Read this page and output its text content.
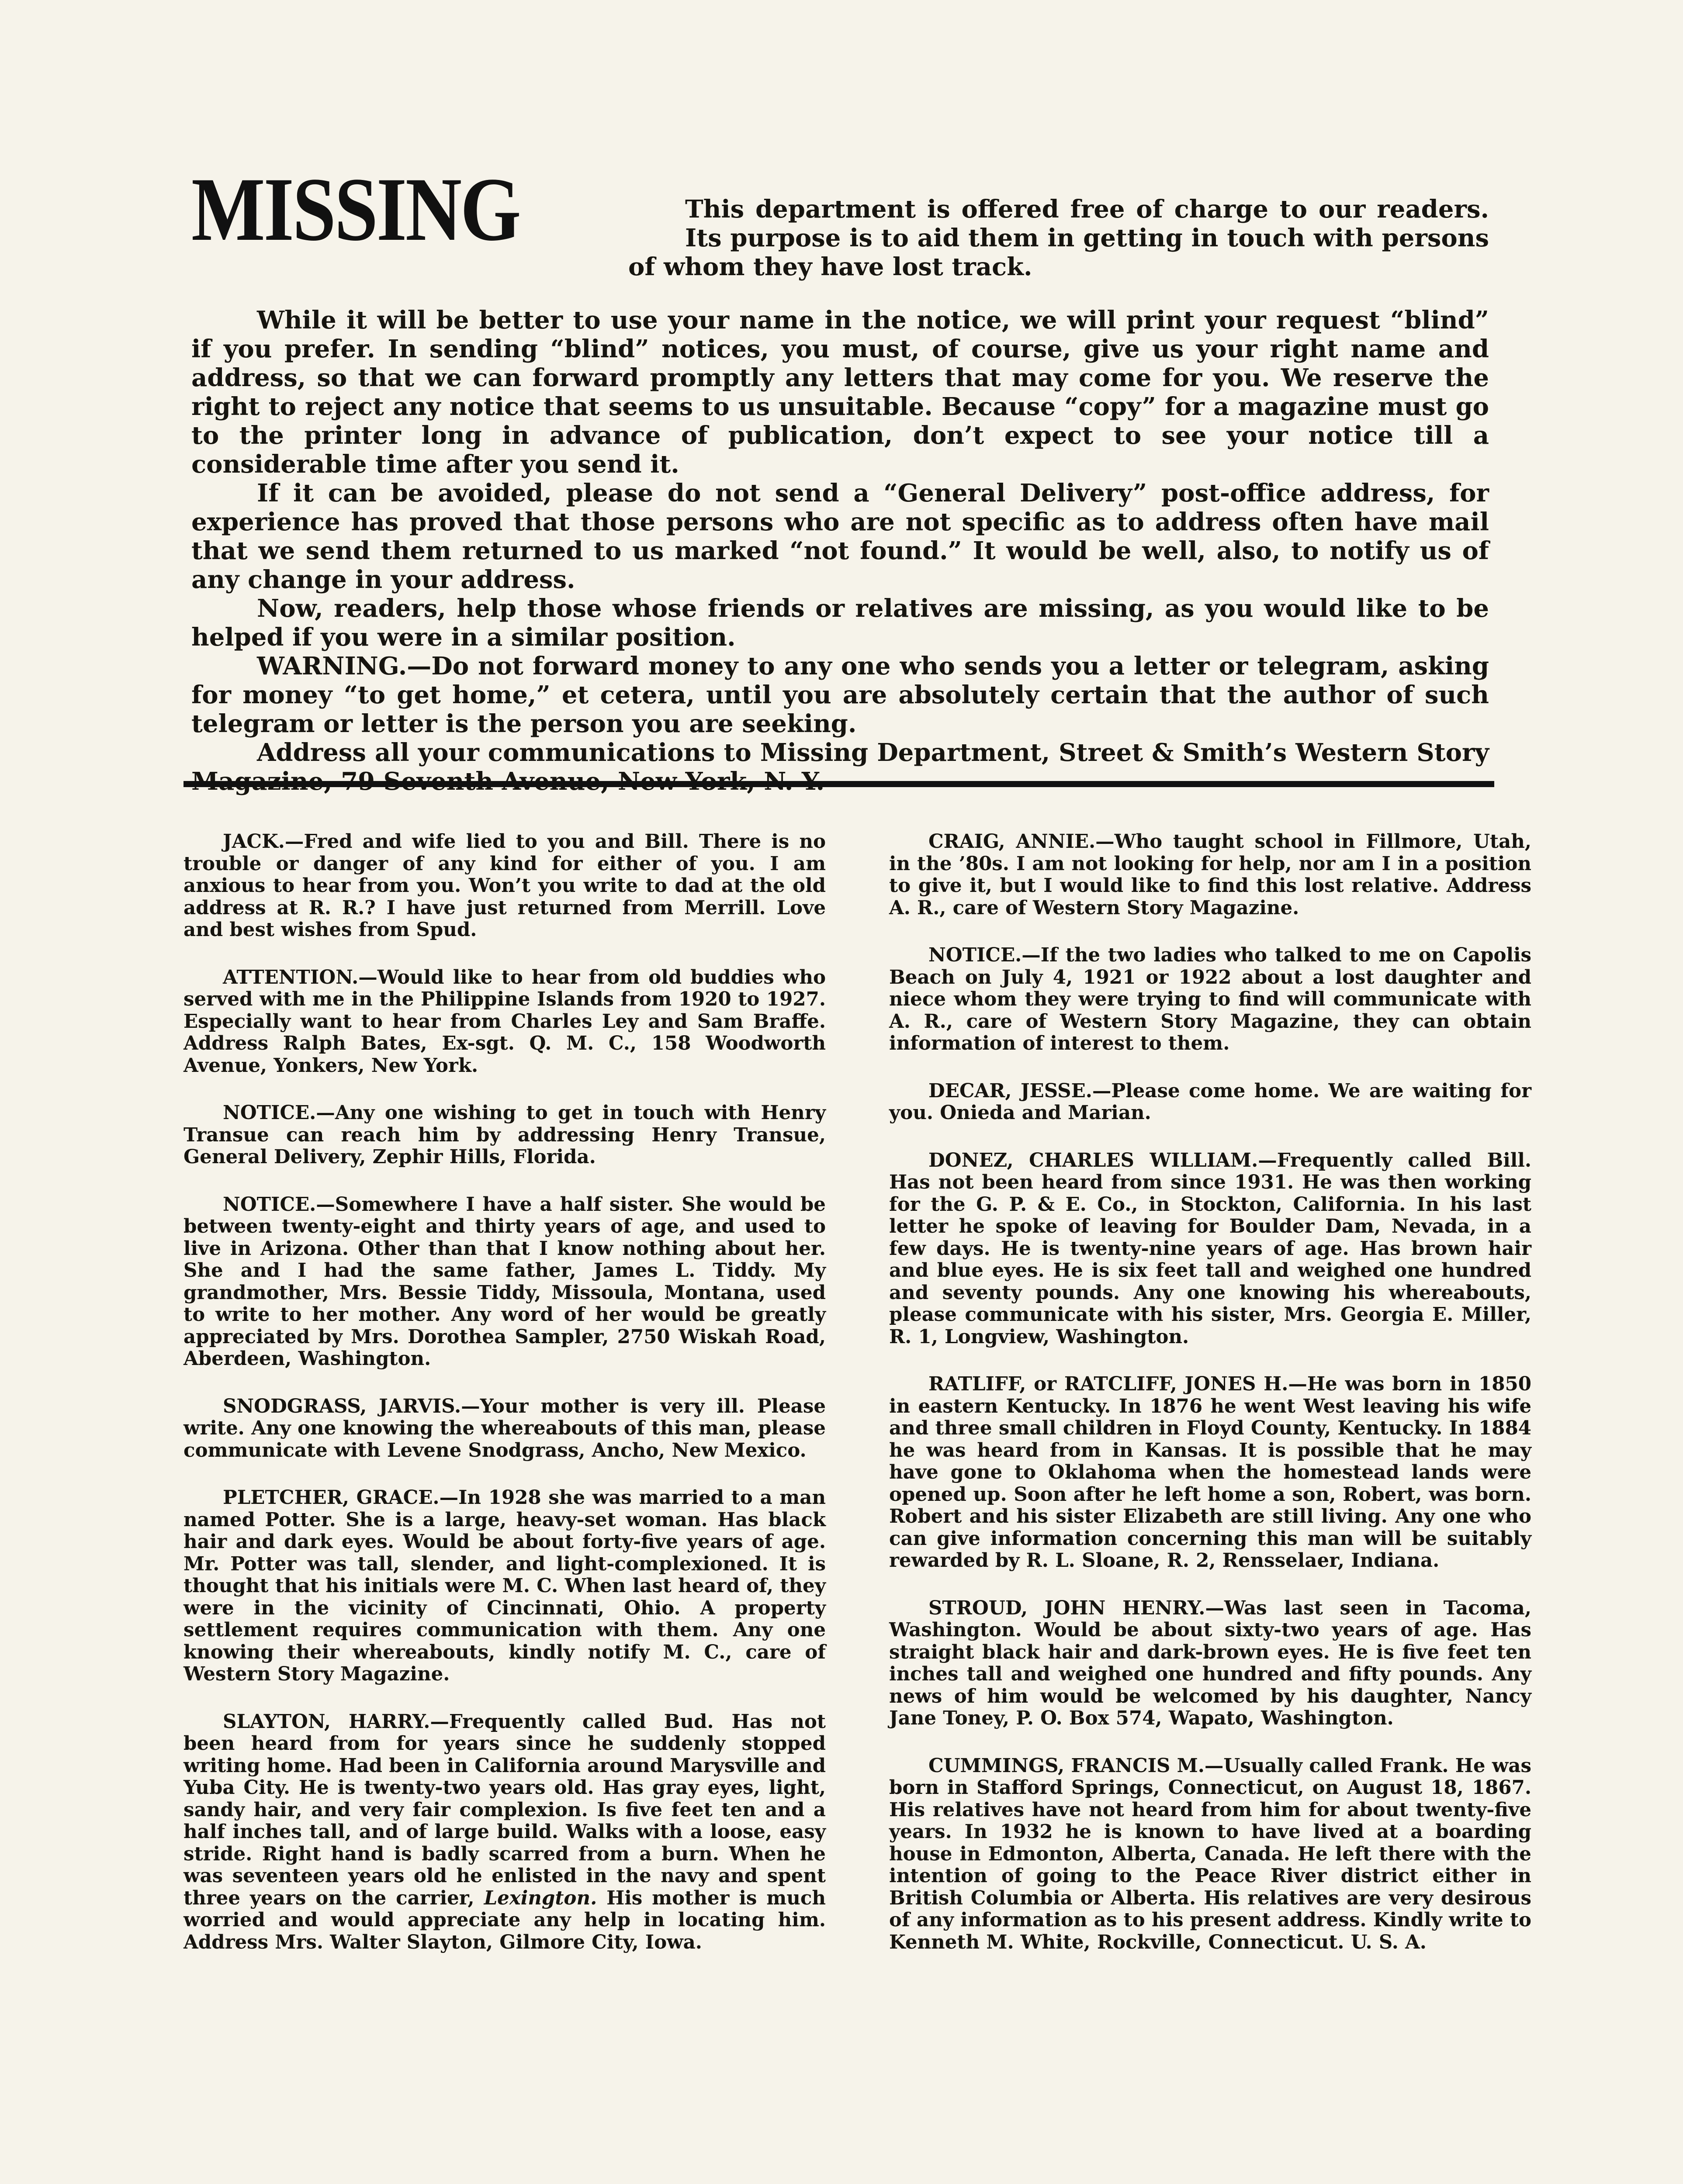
MISSING	This department is offered free of charge to our readers. Its purpose is to aid them in getting in touch with persons of whom they have lost track.

While it will be better to use your name in the notice, we will print your request “blind” if you prefer. In sending “blind” notices, you must, of course, give us your right name and address, so that we can forward promptly any letters that may come for you. We reserve the right to reject any notice that seems to us unsuitable. Because “copy” for a magazine must go to the printer long in advance of publication, don’t expect to see your notice till a considerable time after you send it.

If it can be avoided, please do not send a “General Delivery” post-office address, for experience has proved that those persons who are not specific as to address often have mail that we send them returned to us marked “not found.” It would be well, also, to notify us of any change in your address.

Now, readers, help those whose friends or relatives are missing, as you would like to be helped if you were in a similar position.

WARNING.—Do not forward money to any one who sends you a letter or telegram, asking for money “to get home,” et cetera, until you are absolutely certain that the author of such telegram or letter is the person you are seeking.

Address all your communications to Missing Department, Street & Smith’s Western Story

JACK.—Fred and wife lied to you and Bill. There is no trouble or danger of any kind for either of you. I am anxious to hear from you. Won’t you write to dad at the old address at R. R.? I have just returned from Merrill. Love and best wishes from Spud.

ATTENTION.—Would like to hear from old buddies who served with me in the Philippine Islands from 1920 to 1927. Especially want to hear from Charles Ley and Sam Braffe. Address Ralph Bates, Ex-sgt. Q. M. C., 158 Woodworth Avenue, Yonkers, New York.

NOTICE.—Any one wishing to get in touch with Henry Transue can reach him by addressing Henry Transue, General Delivery, Zephir Hills, Florida.

NOTICE.—Somewhere I have a half sister. She would be between twenty-eight and thirty years of age, and used to live in Arizona. Other than that I know nothing about her. She and I had the same father, James L. Tiddy. My grandmother, Mrs. Bessie Tiddy, Missoula, Montana, used to write to her mother. Any word of her would be greatly appreciated by Mrs. Dorothea Sampler, 2750 Wiskah Road, Aberdeen, Washington.

SNODGRASS, JARVIS.—Your mother is very ill. Please write. Any one knowing the whereabouts of this man, please communicate with Levene Snodgrass, Ancho, New Mexico.

PLETCHER, GRACE.—In 1928 she was married to a man named Potter. She is a large, heavy-set woman. Has black hair and dark eyes. Would be about forty-five years of age. Mr. Potter was tall, slender, and light-complexioned. It is thought that his initials were M. C. When last heard of, they were in the vicinity of Cincinnati, Ohio. A property settlement requires communication with them. Any one knowing their whereabouts, kindly notify M. C., care of Western Story Magazine.

SLAYTON, HARRY.—Frequently called Bud. Has not been heard from for years since he suddenly stopped writing home. Had been in California around Marysville and Yuba City. He is twenty-two years old. Has gray eyes, light, sandy hair, and very fair complexion. Is five feet ten and a half inches tall, and of large build. Walks with a loose, easy stride. Right hand is badly scarred from a burn. When he was seventeen years old he enlisted in the navy and spent three years on the carrier, Lexington. His mother is much worried and would appreciate any help in locating him. Address Mrs. Walter Slayton, Gilmore City, Iowa.

CRAIG, ANNIE.—Who taught school in Fillmore, Utah, in the ’80s. I am not looking for help, nor am I in a position to give it, but I would like to find this lost relative. Address A. R., care of Western Story Magazine.

NOTICE.—If the two ladies who talked to me on Capolis Beach on July 4, 1921 or 1922 about a lost daughter and niece whom they were trying to find will communicate with A. R., care of Western Story Magazine, they can obtain information of interest to them.

DECAR, JESSE.—Please come home. We are waiting for you. Onieda and Marian.

DONEZ, CHARLES WILLIAM.—Frequently called Bill. Has not been heard from since 1931. He was then working for the G. P. & E. Co., in Stockton, California. In his last letter he spoke of leaving for Boulder Dam, Nevada, in a few days. He is twenty-nine years of age. Has brown hair and blue eyes. He is six feet tall and weighed one hundred and seventy pounds. Any one knowing his whereabouts, please communicate with his sister, Mrs. Georgia E. Miller, R. 1, Longview, Washington.

RATLIFF, or RATCLIFF, JONES H.—He was born in 1850 in eastern Kentucky. In 1876 he went West leaving his wife and three small children in Floyd County, Kentucky. In 1884 he was heard from in Kansas. It is possible that he may have gone to Oklahoma when the homestead lands were opened up. Soon after he left home a son, Robert, was born. Robert and his sister Elizabeth are still living. Any one who can give information concerning this man will be suitably rewarded by R. L. Sloane, R. 2, Rensselaer, Indiana.

STROUD, JOHN HENRY.—Was last seen in Tacoma, Washington. Would be about sixty-two years of age. Has straight black hair and dark-brown eyes. He is five feet ten inches tall and weighed one hundred and fifty pounds. Any news of him would be welcomed by his daughter, Nancy Jane Toney, P. O. Box 574, Wapato, Washington.

CUMMINGS, FRANCIS M.—Usually called Frank. He was born in Stafford Springs, Connecticut, on August 18, 1867. His relatives have not heard from him for about twenty-five years. In 1932 he is known to have lived at a boarding house in Edmonton, Alberta, Canada. He left there with the intention of going to the Peace River district either in British Columbia or Alberta. His relatives are very desirous of any information as to his present address. Kindly write to Kenneth M. White, Rockville, Connecticut. U. S. A.
